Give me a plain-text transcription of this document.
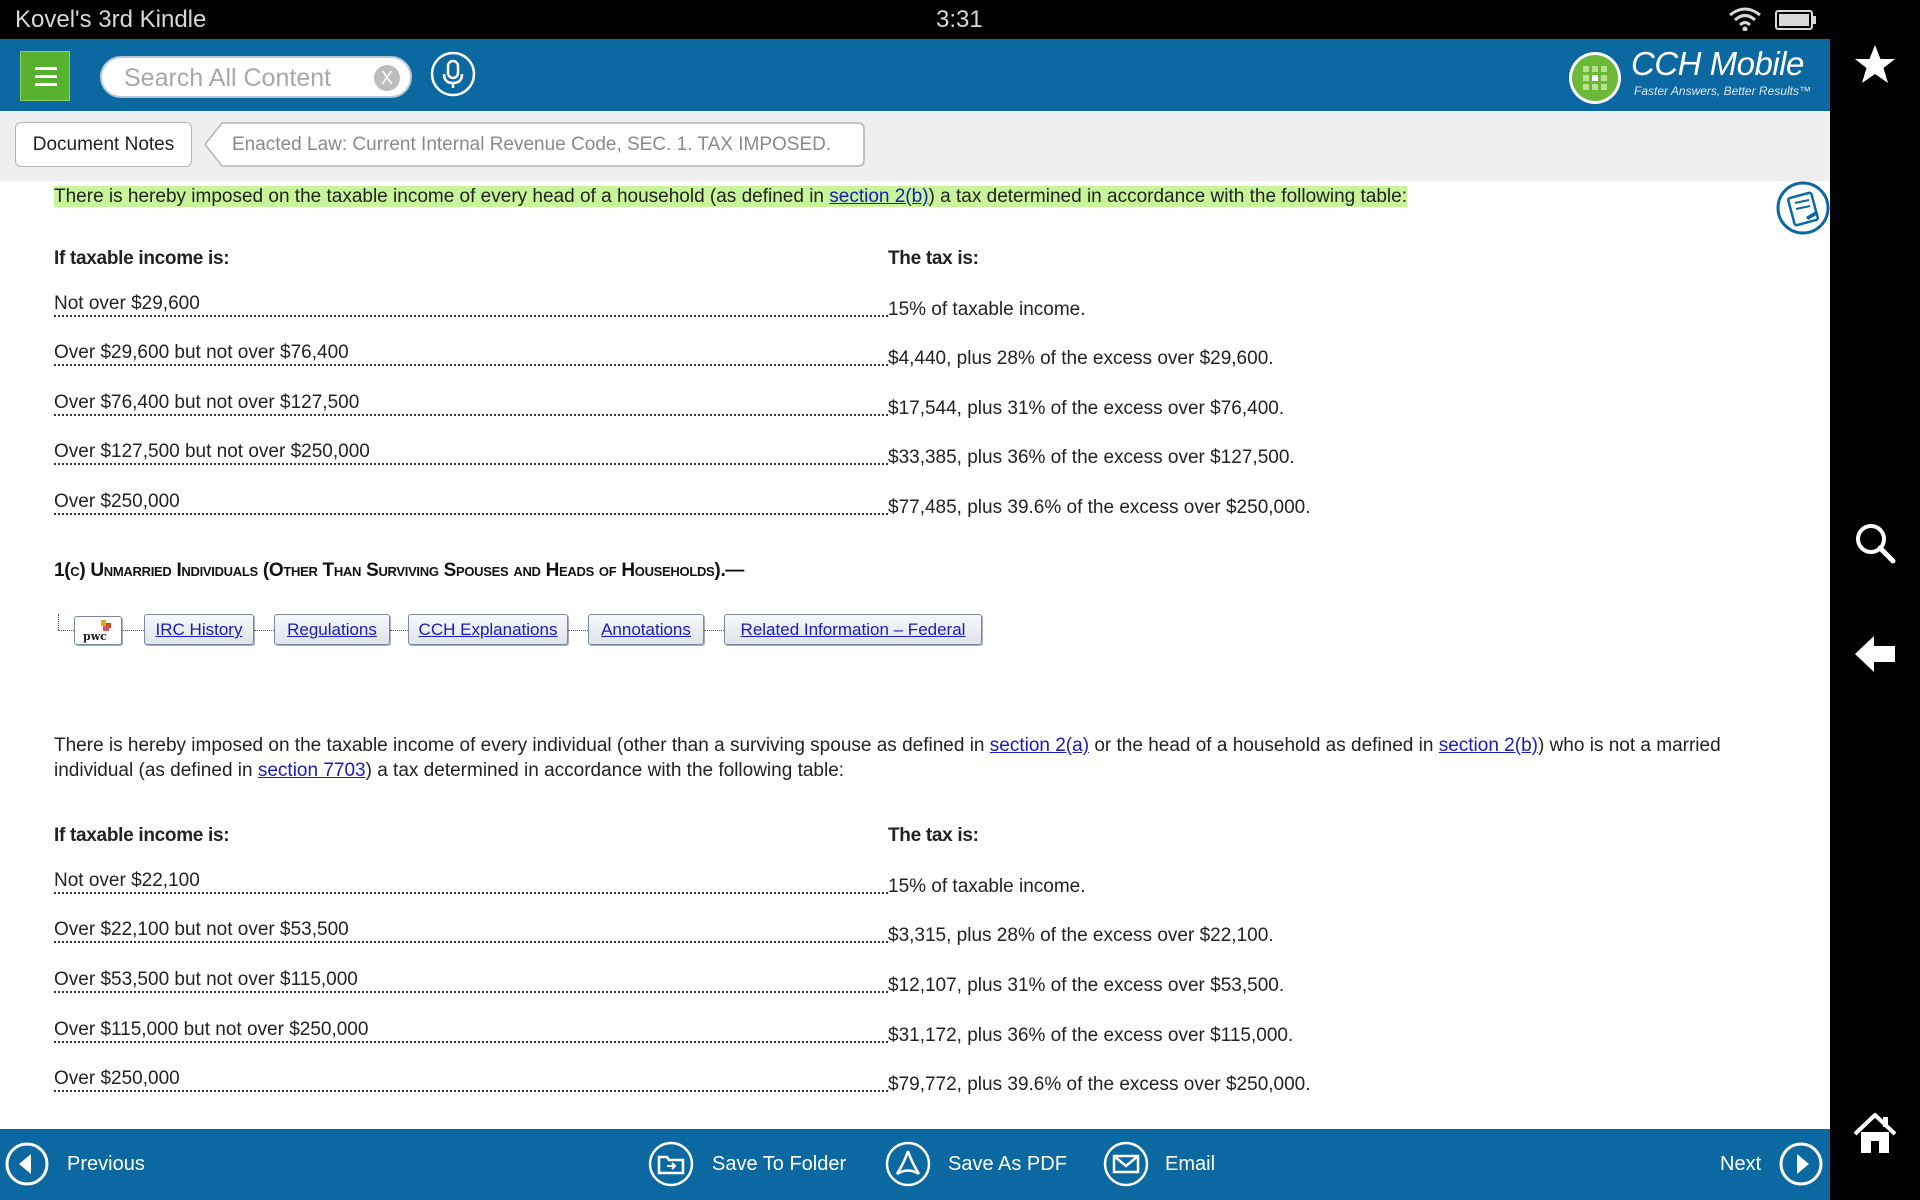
Kovel's 3rd Kindle	3:31
Search All Content
X	CCH Mobile
Faster Answers, Better Results™
Document Notes	Enacted Law: Current Internal Revenue Code, SEC. 1. TAX IMPOSED.
There is hereby imposed on the taxable income of every head of a household (as defined in section 2(b)) a tax determined in accordance with the following table:
If taxable income is:	The tax is:
Not over $29,600	15% of taxable income.
Over $29,600 but not over $76,400	$4,440, plus 28% of the excess over $29,600.
Over $76,400 but not over $127,500	$17,544, plus 31% of the excess over $76,400.
Over $127,500 but not over $250,000	$33,385, plus 36% of the excess over $127,500.
Over $250,000	$77,485, plus 39.6% of the excess over $250,000.
1(c) Unmarried Individuals (Other Than Surviving Spouses and Heads of Households).—
pwc	IRC History	Regulations	CCH Explanations	Annotations	Related Information – Federal
There is hereby imposed on the taxable income of every individual (other than a surviving spouse as defined in section 2(a) or the head of a household as defined in section 2(b)) who is not a married individual (as defined in section 7703) a tax determined in accordance with the following table:
If taxable income is:	The tax is:
Not over $22,100	15% of taxable income.
Over $22,100 but not over $53,500	$3,315, plus 28% of the excess over $22,100.
Over $53,500 but not over $115,000	$12,107, plus 31% of the excess over $53,500.
Over $115,000 but not over $250,000	$31,172, plus 36% of the excess over $115,000.
Over $250,000	$79,772, plus 39.6% of the excess over $250,000.
Previous	Save To Folder	Save As PDF	Email	Next
